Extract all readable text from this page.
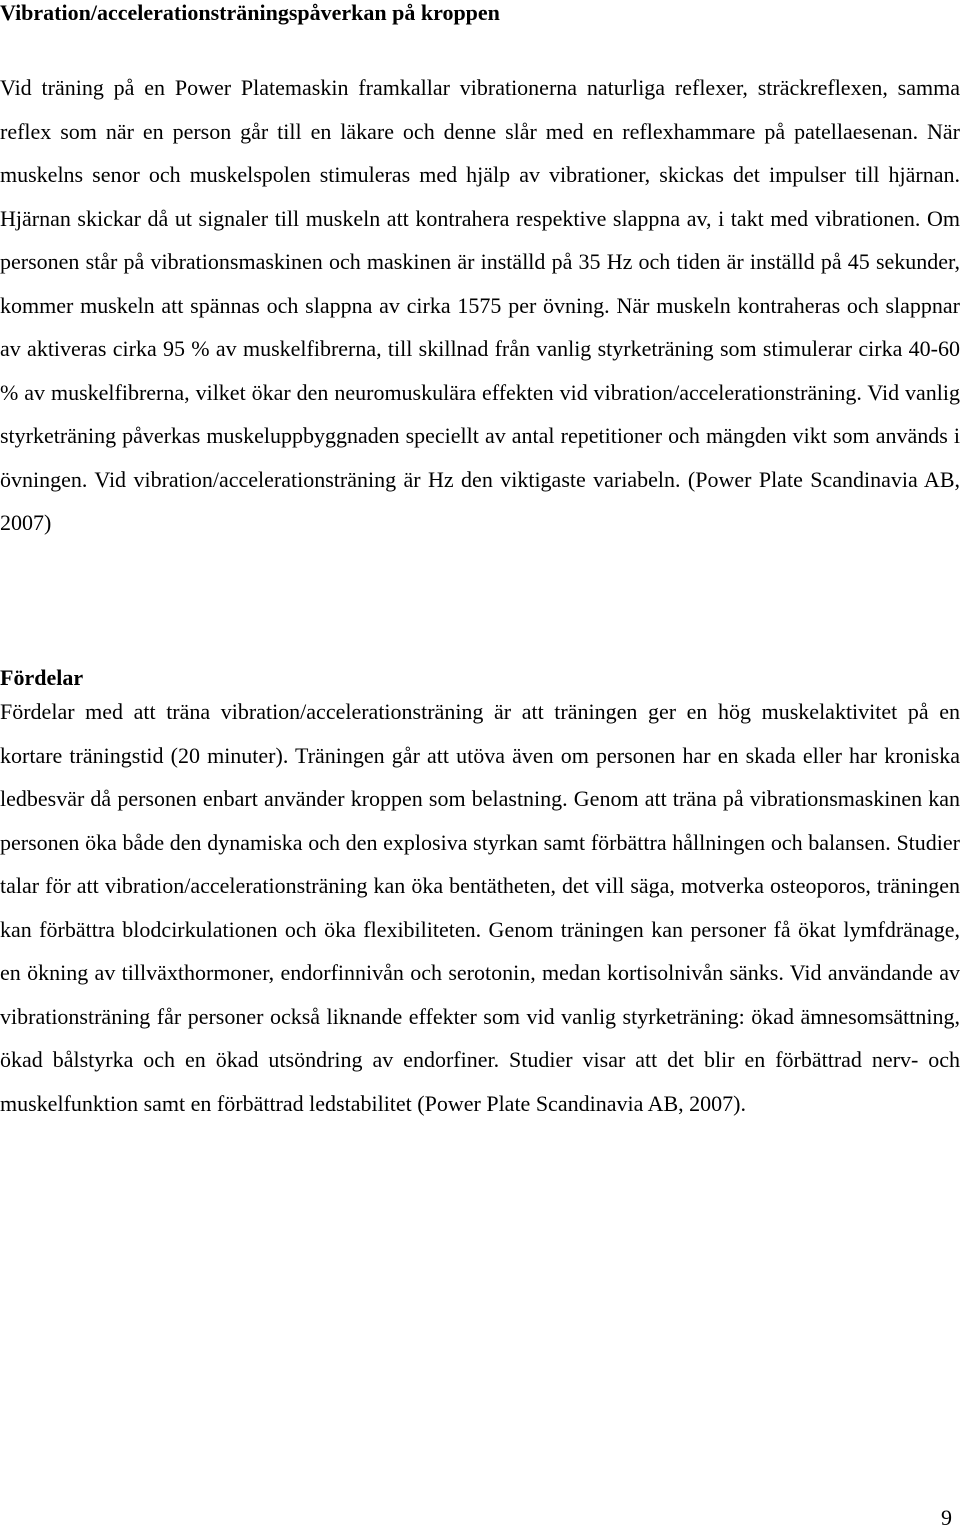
Vibration/accelerationsträningspåverkan på kroppen

Vid träning på en Power Platemaskin framkallar vibrationerna naturliga reflexer, sträckreflexen, samma reflex som när en person går till en läkare och denne slår med en reflexhammare på patellaesenan. När muskelns senor och muskelspolen stimuleras med hjälp av vibrationer, skickas det impulser till hjärnan. Hjärnan skickar då ut signaler till muskeln att kontrahera respektive slappna av, i takt med vibrationen. Om personen står på vibrationsmaskinen och maskinen är inställd på 35 Hz och tiden är inställd på 45 sekunder, kommer muskeln att spännas och slappna av cirka 1575 per övning. När muskeln kontraheras och slappnar av aktiveras cirka 95 % av muskelfibrerna, till skillnad från vanlig styrketräning som stimulerar cirka 40-60 % av muskelfibrerna, vilket ökar den neuromuskulära effekten vid vibration/accelerationsträning. Vid vanlig styrketräning påverkas muskeluppbyggnaden speciellt av antal repetitioner och mängden vikt som används i övningen. Vid vibration/accelerationsträning är Hz den viktigaste variabeln. (Power Plate Scandinavia AB, 2007)

Fördelar

Fördelar med att träna vibration/accelerationsträning är att träningen ger en hög muskelaktivitet på en kortare träningstid (20 minuter). Träningen går att utöva även om personen har en skada eller har kroniska ledbesvär då personen enbart använder kroppen som belastning. Genom att träna på vibrationsmaskinen kan personen öka både den dynamiska och den explosiva styrkan samt förbättra hållningen och balansen. Studier talar för att vibration/accelerationsträning kan öka bentätheten, det vill säga, motverka osteoporos, träningen kan förbättra blodcirkulationen och öka flexibiliteten. Genom träningen kan personer få ökat lymfdränage, en ökning av tillväxthormoner, endorfinnivån och serotonin, medan kortisolnivån sänks. Vid användande av vibrationsträning får personer också liknande effekter som vid vanlig styrketräning: ökad ämnesomsättning, ökad bålstyrka och en ökad utsöndring av endorfiner. Studier visar att det blir en förbättrad nerv- och muskelfunktion samt en förbättrad ledstabilitet (Power Plate Scandinavia AB, 2007).

9
